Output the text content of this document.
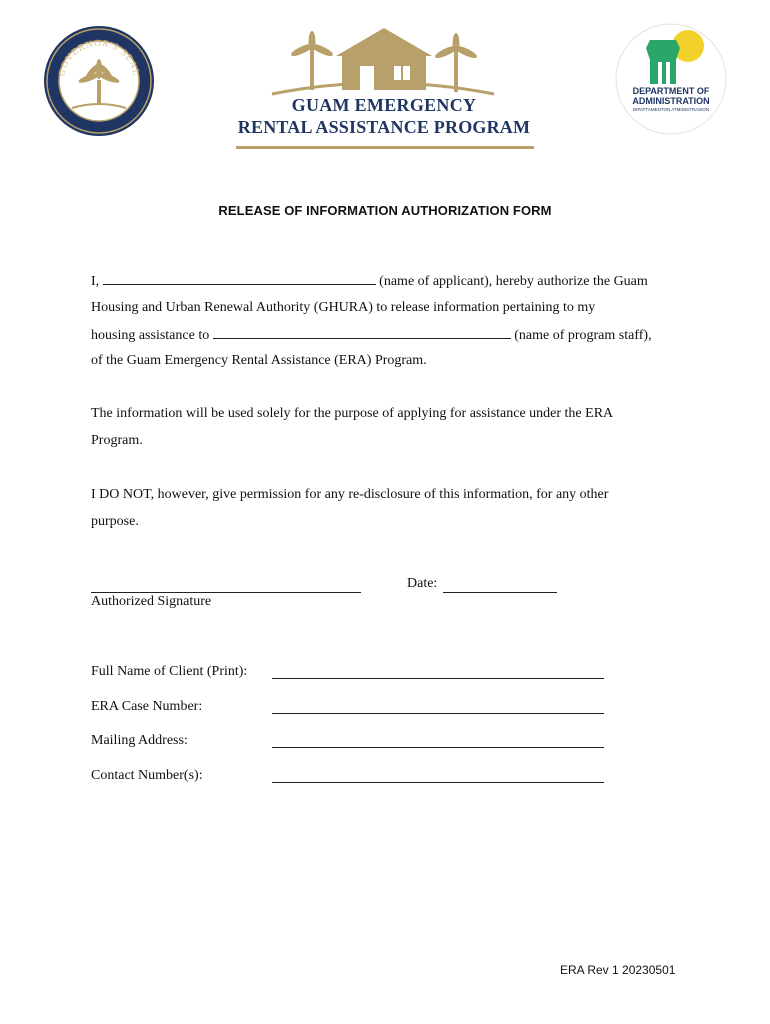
GOVERNOR'S SEAL
GUAM EMERGENCY
RENTAL ASSISTANCE PROGRAM
DEPARTMENT OF
ADMINISTRATION
DIPATTAMENTON ATMINISTRASION
RELEASE OF INFORMATION AUTHORIZATION FORM
I,	(name of applicant), hereby authorize the Guam
Housing and Urban Renewal Authority (GHURA) to release information pertaining to my
housing assistance to	(name of program staff),
of the Guam Emergency Rental Assistance (ERA) Program.
The information will be used solely for the purpose of applying for assistance under the ERA
Program.
I DO NOT, however, give permission for any re-disclosure of this information, for any other
purpose.
Authorized Signature
Date:
Full Name of Client (Print):
ERA Case Number:
Mailing Address:
Contact Number(s):
ERA Rev 1 20230501
